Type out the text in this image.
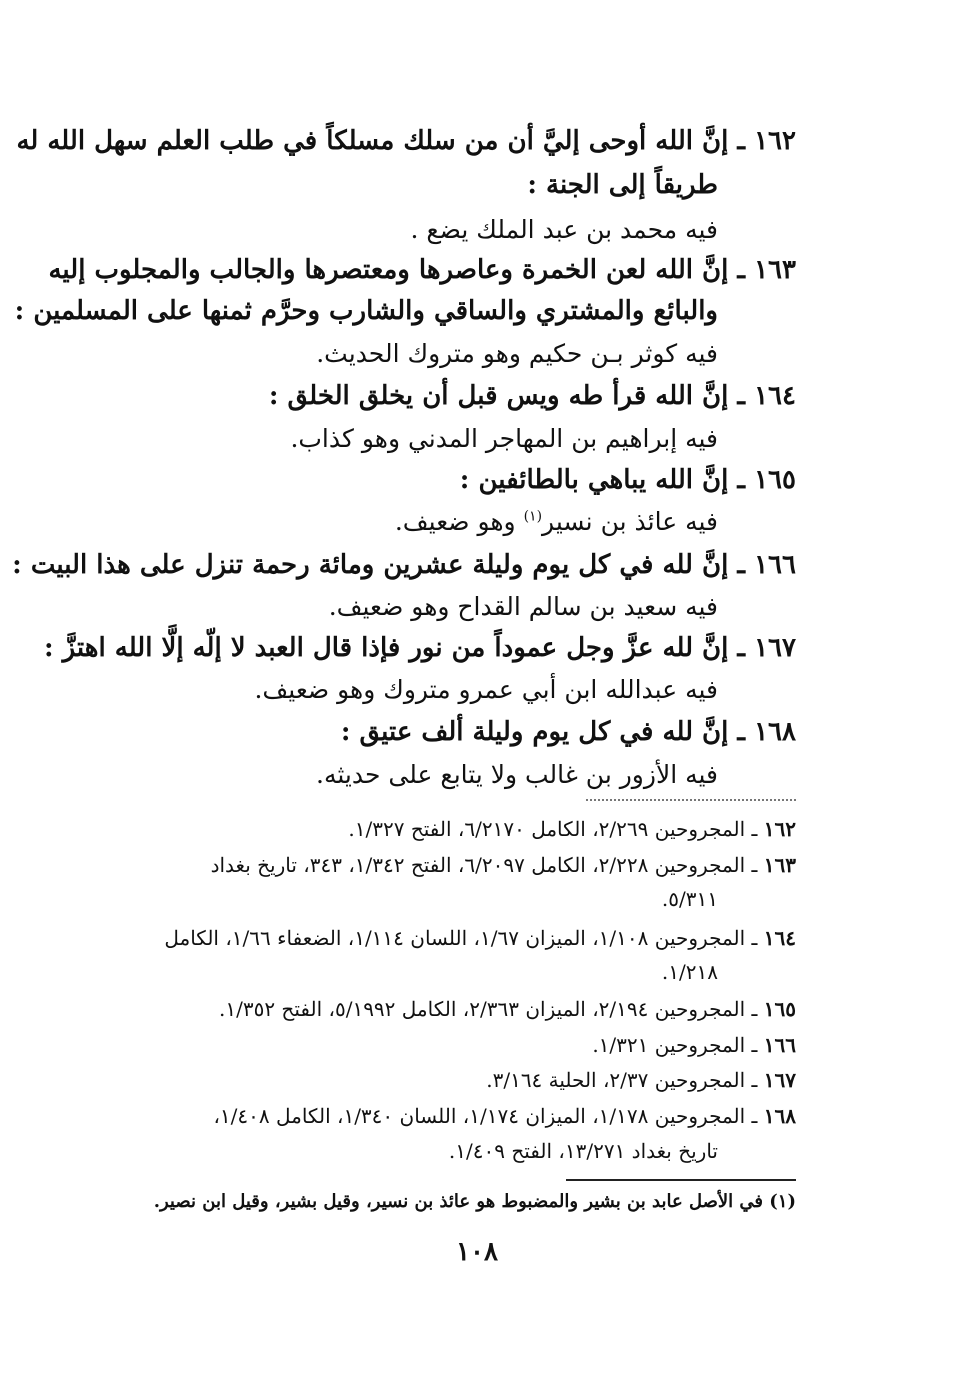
١٦٢ ـ إنَّ الله أوحى إليَّ أن من سلك مسلكاً في طلب العلم سهل الله له

طريقاً إلى الجنة :

فيه محمد بن عبد الملك يضع .

١٦٣ ـ إنَّ الله لعن الخمرة وعاصرها ومعتصرها والجالب والمجلوب إليه

والبائع والمشتري والساقي والشارب وحرَّم ثمنها على المسلمين :

فيه كوثر بـن حكيم وهو متروك الحديث.

١٦٤ ـ إنَّ الله قرأ طه ويس قبل أن يخلق الخلق :

فيه إبراهيم بن المهاجر المدني وهو كذاب.

١٦٥ ـ إنَّ الله يباهي بالطائفين :

فيه عائذ بن نسير$^{(١)}$ وهو ضعيف.

١٦٦ ـ إنَّ لله في كل يوم وليلة عشرين ومائة رحمة تنزل على هذا البيت :

فيه سعيد بن سالم القداح وهو ضعيف.

١٦٧ ـ إنَّ لله عزَّ وجل عموداً من نور فإذا قال العبد لا إلّه إلَّا الله اهتزَّ :

فيه عبدالله ابن أبي عمرو متروك وهو ضعيف.

١٦٨ ـ إنَّ لله في كل يوم وليلة ألف عتيق :

فيه الأزور بن غالب ولا يتابع على حديثه.

١٦٢ ـ المجروحين ٢/٢٦٩، الكامل ٦/٢١٧٠، الفتح ١/٣٢٧.

١٦٣ ـ المجروحين ٢/٢٢٨، الكامل ٦/٢٠٩٧، الفتح ١/٣٤٢، ٣٤٣، تاريخ بغداد

٥/٣١١.

١٦٤ ـ المجروحين ١/١٠٨، الميزان ١/٦٧، اللسان ١/١١٤، الضعفاء ١/٦٦، الكامل

١/٢١٨.

١٦٥ ـ المجروحين ٢/١٩٤، الميزان ٢/٣٦٣، الكامل ٥/١٩٩٢، الفتح ١/٣٥٢.

١٦٦ ـ المجروحين ١/٣٢١.

١٦٧ ـ المجروحين ٢/٣٧، الحلية ٣/١٦٤.

١٦٨ ـ المجروحين ١/١٧٨، الميزان ١/١٧٤، اللسان ١/٣٤٠، الكامل ١/٤٠٨،

تاريخ بغداد ١٣/٢٧١، الفتح ١/٤٠٩.

(١) في الأصل عابد بن بشير والمضبوط هو عائذ بن نسير، وقيل بشير، وقيل ابن نصير.

١٠٨
